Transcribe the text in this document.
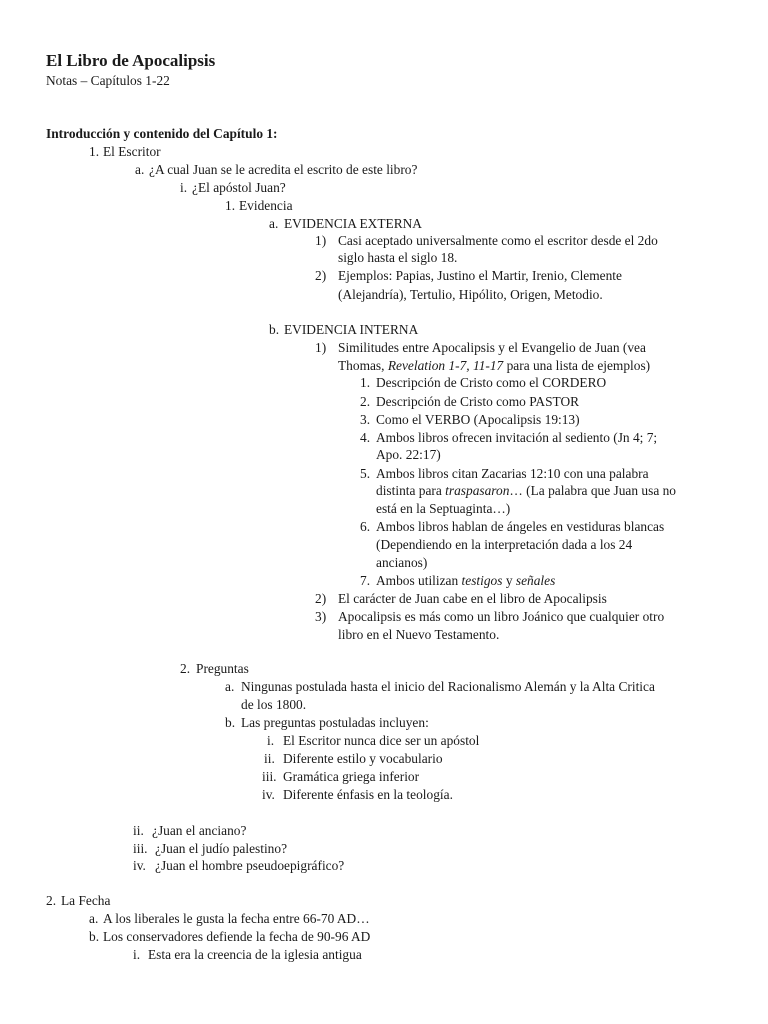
El Libro de Apocalipsis
Notas – Capítulos 1-22
Introducción y contenido del Capítulo 1:
1. El Escritor
a. ¿A cual Juan se le acredita el escrito de este libro?
i. ¿El apóstol Juan?
1. Evidencia
a. EVIDENCIA EXTERNA
1) Casi aceptado universalmente como el escritor desde el 2do
siglo hasta el siglo 18.
2) Ejemplos: Papias, Justino el Martir, Irenio, Clemente
(Alejandría), Tertulio, Hipólito, Origen, Metodio.
b. EVIDENCIA INTERNA
1) Similitudes entre Apocalipsis y el Evangelio de Juan (vea
Thomas, Revelation 1-7, 11-17 para una lista de ejemplos)
1. Descripción de Cristo como el CORDERO
2. Descripción de Cristo como PASTOR
3. Como el VERBO (Apocalipsis 19:13)
4. Ambos libros ofrecen invitación al sediento (Jn 4; 7;
Apo. 22:17)
5. Ambos libros citan Zacarias 12:10 con una palabra
distinta para traspasaron… (La palabra que Juan usa no
está en la Septuaginta…)
6. Ambos libros hablan de ángeles en vestiduras blancas
(Dependiendo en la interpretación dada a los 24
ancianos)
7. Ambos utilizan testigos y señales
2) El carácter de Juan cabe en el libro de Apocalipsis
3) Apocalipsis es más como un libro Joánico que cualquier otro
libro en el Nuevo Testamento.
2. Preguntas
a. Ningunas postulada hasta el inicio del Racionalismo Alemán y la Alta Critica
de los 1800.
b. Las preguntas postuladas incluyen:
i. El Escritor nunca dice ser un apóstol
ii. Diferente estilo y vocabulario
iii. Gramática griega inferior
iv. Diferente énfasis en la teología.
ii. ¿Juan el anciano?
iii. ¿Juan el judío palestino?
iv. ¿Juan el hombre pseudoepigráfico?
2. La Fecha
a. A los liberales le gusta la fecha entre 66-70 AD…
b. Los conservadores defiende la fecha de 90-96 AD
i. Esta era la creencia de la iglesia antigua
